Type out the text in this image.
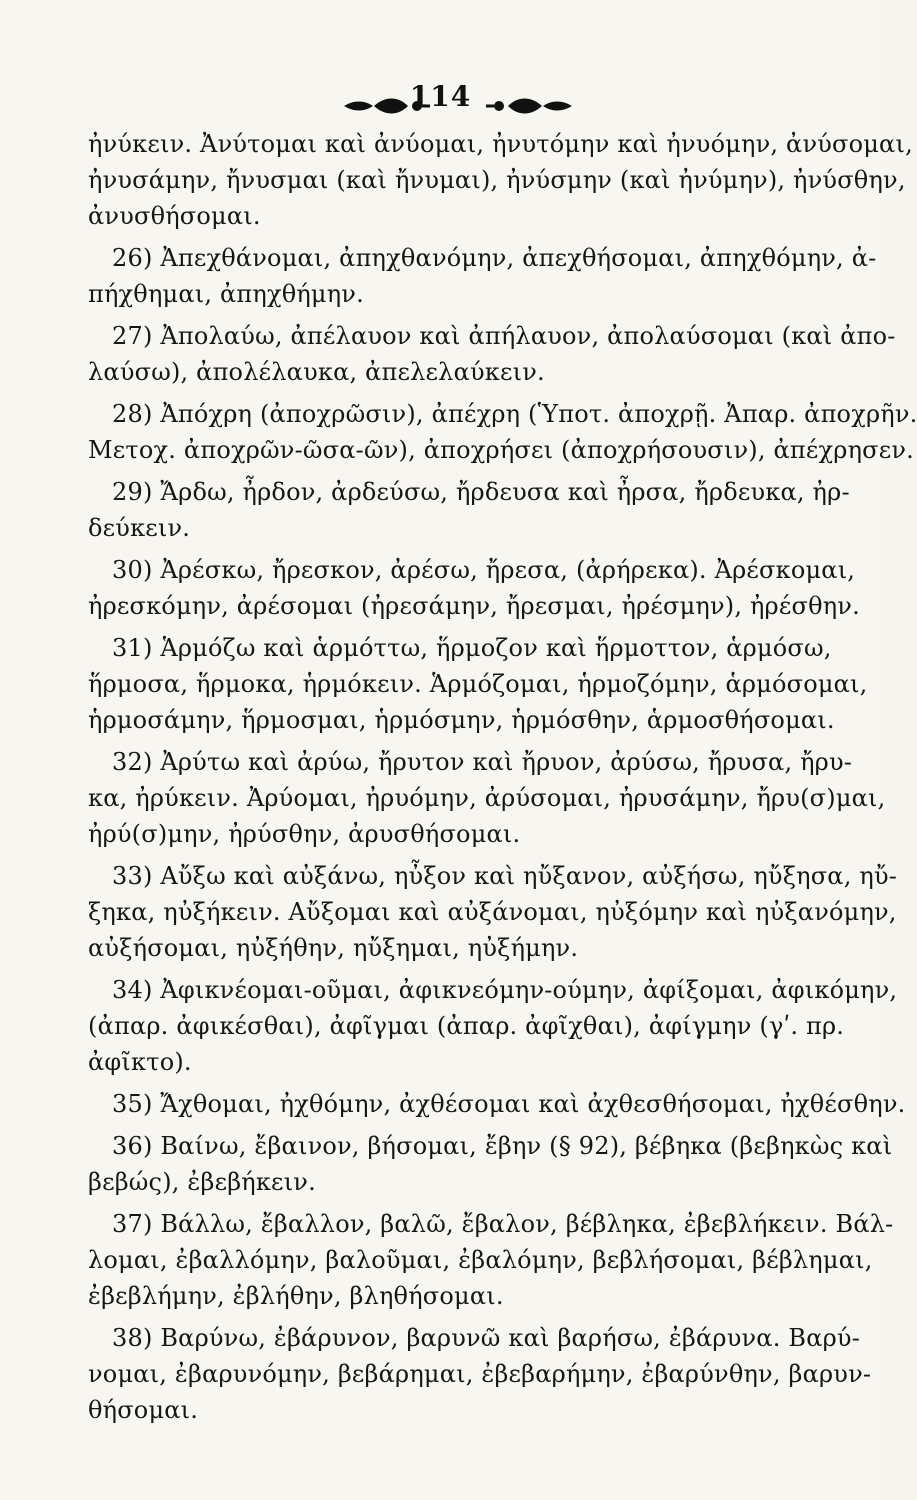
114
ἠνύκειν. Ἀνύτομαι καὶ ἀνύομαι, ἠνυτόμην καὶ ἠνυόμην, ἀνύσομαι,
ἠνυσάμην, ἤνυσμαι (καὶ ἤνυμαι), ἠνύσμην (καὶ ἠνύμην), ἠνύσθην,
ἀνυσθήσομαι.
26) Ἀπεχθάνομαι, ἀπηχθανόμην, ἀπεχθήσομαι, ἀπηχθόμην, ἀ-
πήχθημαι, ἀπηχθήμην.
27) Ἀπολαύω, ἀπέλαυον καὶ ἀπήλαυον, ἀπολαύσομαι (καὶ ἀπο-
λαύσω), ἀπολέλαυκα, ἀπελελαύκειν.
28) Ἀπόχρη (ἀποχρῶσιν), ἀπέχρη (Ὑποτ. ἀποχρῇ. Ἀπαρ. ἀποχρῆν.
Μετοχ. ἀποχρῶν-ῶσα-ῶν), ἀποχρήσει (ἀποχρήσουσιν), ἀπέχρησεν.
29) Ἄρδω, ἦρδον, ἀρδεύσω, ἤρδευσα καὶ ἦρσα, ἤρδευκα, ἠρ-
δεύκειν.
30) Ἀρέσκω, ἤρεσκον, ἀρέσω, ἤρεσα, (ἀρήρεκα). Ἀρέσκομαι,
ἠρεσκόμην, ἀρέσομαι (ἠρεσάμην, ἤρεσμαι, ἠρέσμην), ἠρέσθην.
31) Ἁρμόζω καὶ ἁρμόττω, ἥρμοζον καὶ ἥρμοττον, ἁρμόσω,
ἥρμοσα, ἥρμοκα, ἡρμόκειν. Ἁρμόζομαι, ἡρμοζόμην, ἁρμόσομαι,
ἡρμοσάμην, ἥρμοσμαι, ἡρμόσμην, ἡρμόσθην, ἁρμοσθήσομαι.
32) Ἀρύτω καὶ ἀρύω, ἤρυτον καὶ ἤρυον, ἀρύσω, ἤρυσα, ἤρυ-
κα, ἠρύκειν. Ἀρύομαι, ἠρυόμην, ἀρύσομαι, ἠρυσάμην, ἤρυ(σ)μαι,
ἠρύ(σ)μην, ἠρύσθην, ἀρυσθήσομαι.
33) Αὔξω καὶ αὐξάνω, ηὖξον καὶ ηὔξανον, αὐξήσω, ηὔξησα, ηὔ-
ξηκα, ηὐξήκειν. Αὔξομαι καὶ αὐξάνομαι, ηὐξόμην καὶ ηὐξανόμην,
αὐξήσομαι, ηὐξήθην, ηὔξημαι, ηὐξήμην.
34) Ἀφικνέομαι-οῦμαι, ἀφικνεόμην-ούμην, ἀφίξομαι, ἀφικόμην,
(ἀπαρ. ἀφικέσθαι), ἀφῖγμαι (ἀπαρ. ἀφῖχθαι), ἀφίγμην (γʹ. πρ.
ἀφῖκτο).
35) Ἄχθομαι, ἠχθόμην, ἀχθέσομαι καὶ ἀχθεσθήσομαι, ἠχθέσθην.
36) Βαίνω, ἔβαινον, βήσομαι, ἔβην (§ 92), βέβηκα (βεβηκὼς καὶ
βεβώς), ἐβεβήκειν.
37) Βάλλω, ἔβαλλον, βαλῶ, ἔβαλον, βέβληκα, ἐβεβλήκειν. Βάλ-
λομαι, ἐβαλλόμην, βαλοῦμαι, ἐβαλόμην, βεβλήσομαι, βέβλημαι,
ἐβεβλήμην, ἐβλήθην, βληθήσομαι.
38) Βαρύνω, ἐβάρυνον, βαρυνῶ καὶ βαρήσω, ἐβάρυνα. Βαρύ-
νομαι, ἐβαρυνόμην, βεβάρημαι, ἐβεβαρήμην, ἐβαρύνθην, βαρυν-
θήσομαι.
